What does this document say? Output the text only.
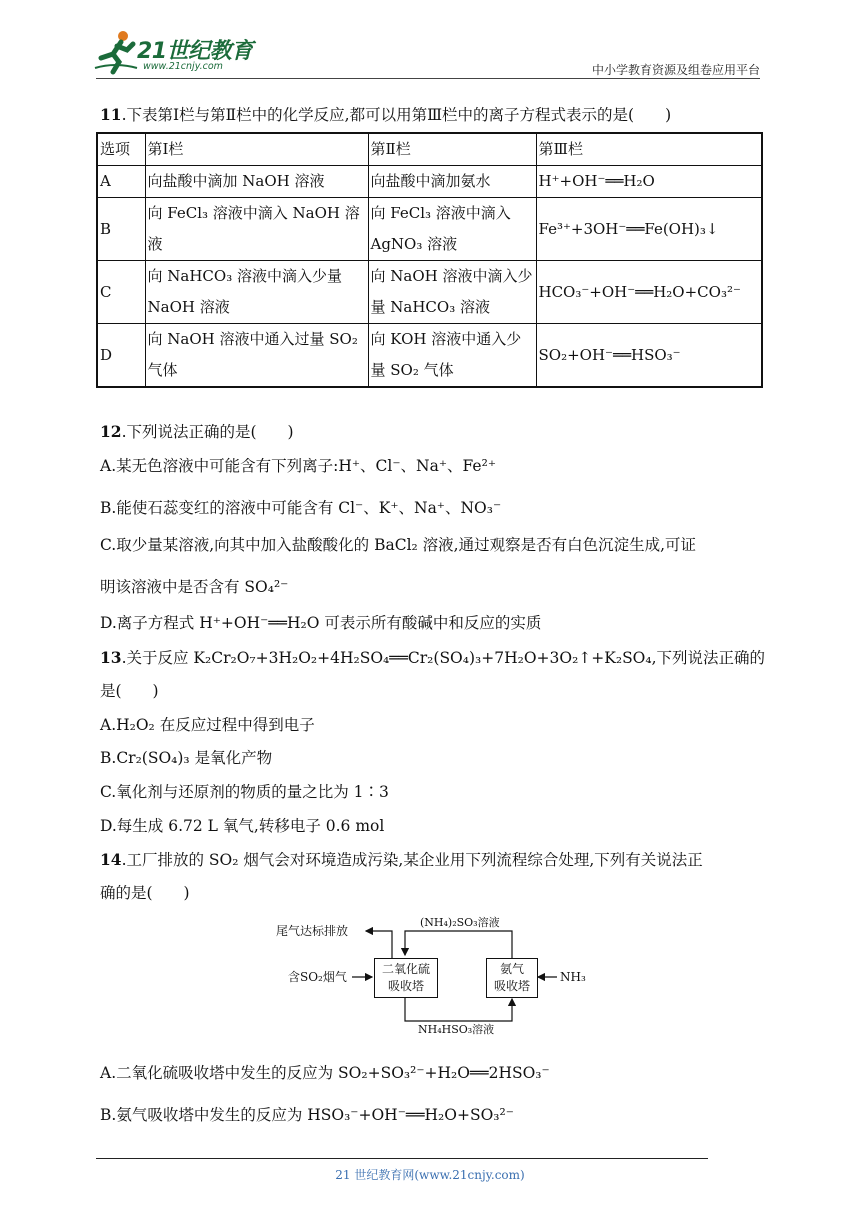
21世纪教育
www.21cnjy.com	中小学教育资源及组卷应用平台
11.下表第Ⅰ栏与第Ⅱ栏中的化学反应,都可以用第Ⅲ栏中的离子方程式表示的是(　　)
选项	第Ⅰ栏	第Ⅱ栏	第Ⅲ栏
A	向盐酸中滴加 NaOH 溶液	向盐酸中滴加氨水	H⁺+OH⁻══H₂O
B	向 FeCl₃ 溶液中滴入 NaOH 溶液	向 FeCl₃ 溶液中滴入 AgNO₃ 溶液	Fe³⁺+3OH⁻══Fe(OH)₃↓
C	向 NaHCO₃ 溶液中滴入少量 NaOH 溶液	向 NaOH 溶液中滴入少量 NaHCO₃ 溶液	HCO₃⁻+OH⁻══H₂O+CO₃²⁻
D	向 NaOH 溶液中通入过量 SO₂ 气体	向 KOH 溶液中通入少量 SO₂ 气体	SO₂+OH⁻══HSO₃⁻
12.下列说法正确的是(　　)
A.某无色溶液中可能含有下列离子:H⁺、Cl⁻、Na⁺、Fe²⁺
B.能使石蕊变红的溶液中可能含有 Cl⁻、K⁺、Na⁺、NO₃⁻
C.取少量某溶液,向其中加入盐酸酸化的 BaCl₂ 溶液,通过观察是否有白色沉淀生成,可证
明该溶液中是否含有 SO₄²⁻
D.离子方程式 H⁺+OH⁻══H₂O 可表示所有酸碱中和反应的实质
13.关于反应 K₂Cr₂O₇+3H₂O₂+4H₂SO₄══Cr₂(SO₄)₃+7H₂O+3O₂↑+K₂SO₄,下列说法正确的
是(　　)
A.H₂O₂ 在反应过程中得到电子
B.Cr₂(SO₄)₃ 是氧化产物
C.氧化剂与还原剂的物质的量之比为 1∶3
D.每生成 6.72 L 氧气,转移电子 0.6 mol
14.工厂排放的 SO₂ 烟气会对环境造成污染,某企业用下列流程综合处理,下列有关说法正
确的是(　　)
尾气达标排放
(NH₄)₂SO₃溶液
含SO₂烟气
二氧化硫
吸收塔
氨气
吸收塔
NH₃
NH₄HSO₃溶液
A.二氧化硫吸收塔中发生的反应为 SO₂+SO₃²⁻+H₂O══2HSO₃⁻
B.氨气吸收塔中发生的反应为 HSO₃⁻+OH⁻══H₂O+SO₃²⁻
21 世纪教育网(www.21cnjy.com)
